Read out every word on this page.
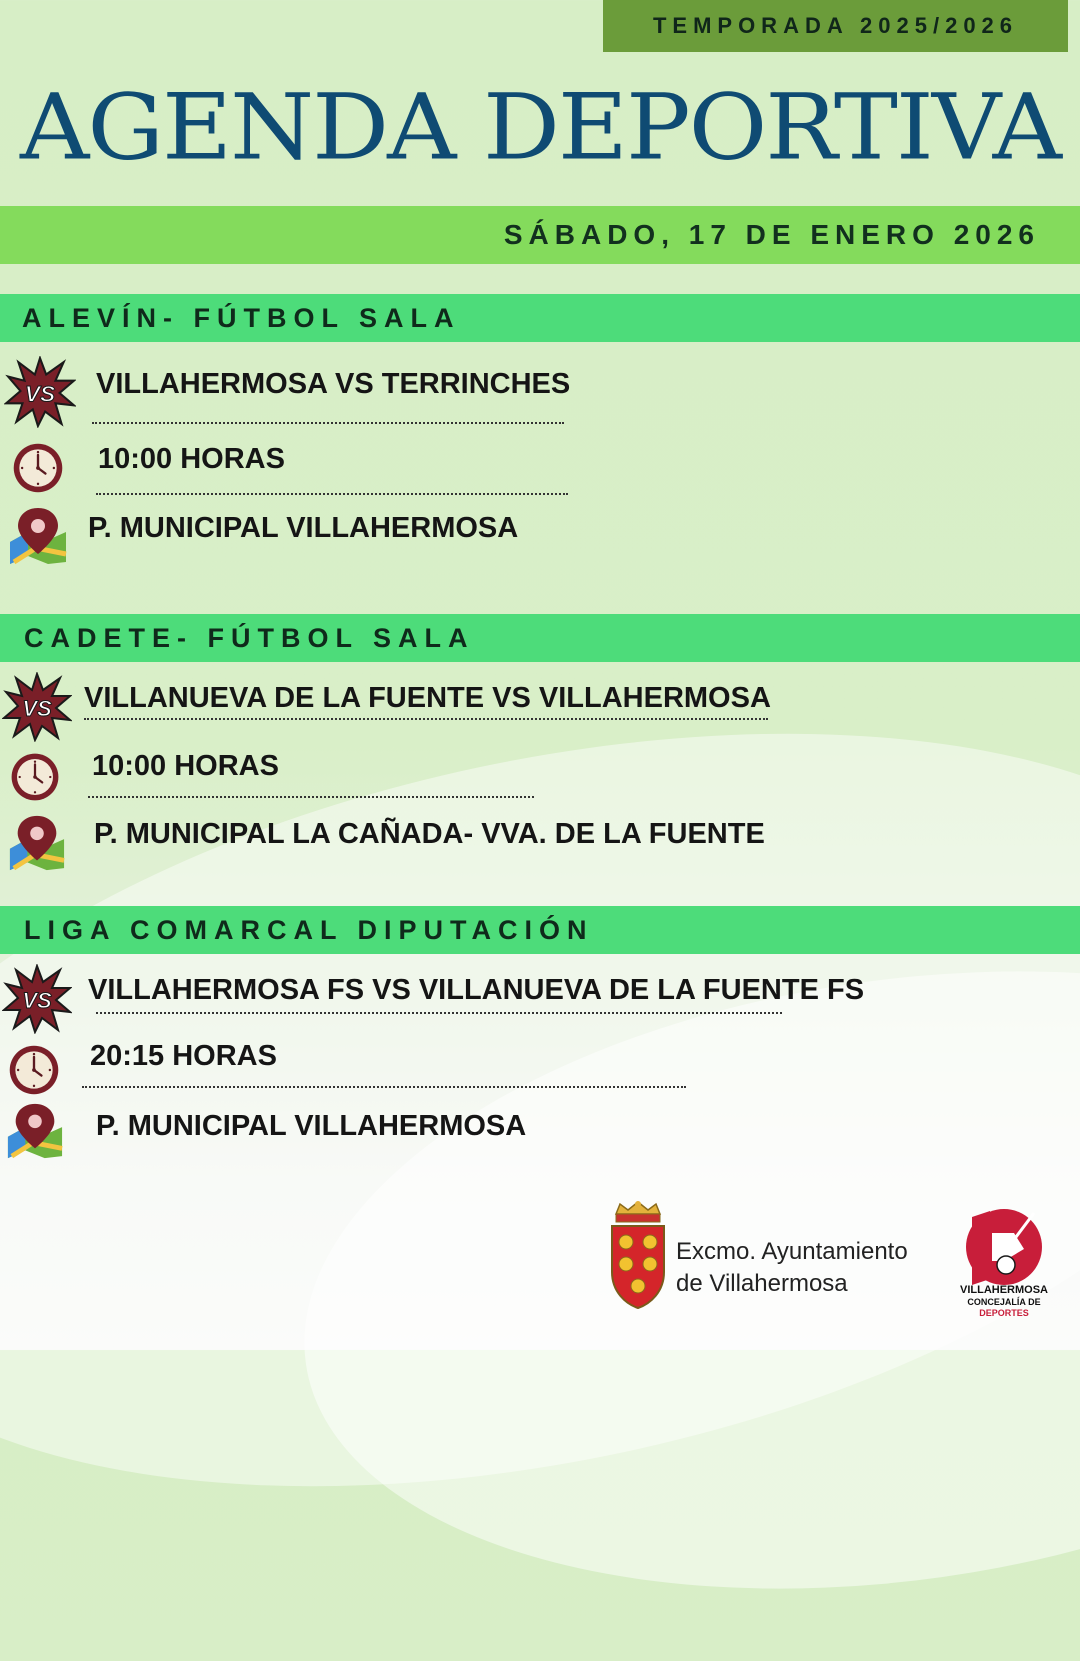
TEMPORADA 2025/2026
AGENDA DEPORTIVA
SÁBADO, 17 DE ENERO 2026
ALEVÍN- FÚTBOL SALA
VILLAHERMOSA VS TERRINCHES
10:00 HORAS
P. MUNICIPAL VILLAHERMOSA
CADETE- FÚTBOL SALA
VILLANUEVA DE LA FUENTE VS VILLAHERMOSA
10:00 HORAS
P. MUNICIPAL LA CAÑADA- VVA. DE LA FUENTE
LIGA COMARCAL DIPUTACIÓN
VILLAHERMOSA FS VS VILLANUEVA DE LA FUENTE FS
20:15 HORAS
P. MUNICIPAL VILLAHERMOSA
Excmo. Ayuntamiento
de Villahermosa	VILLAHERMOSA
CONCEJALÍA DE DEPORTES
